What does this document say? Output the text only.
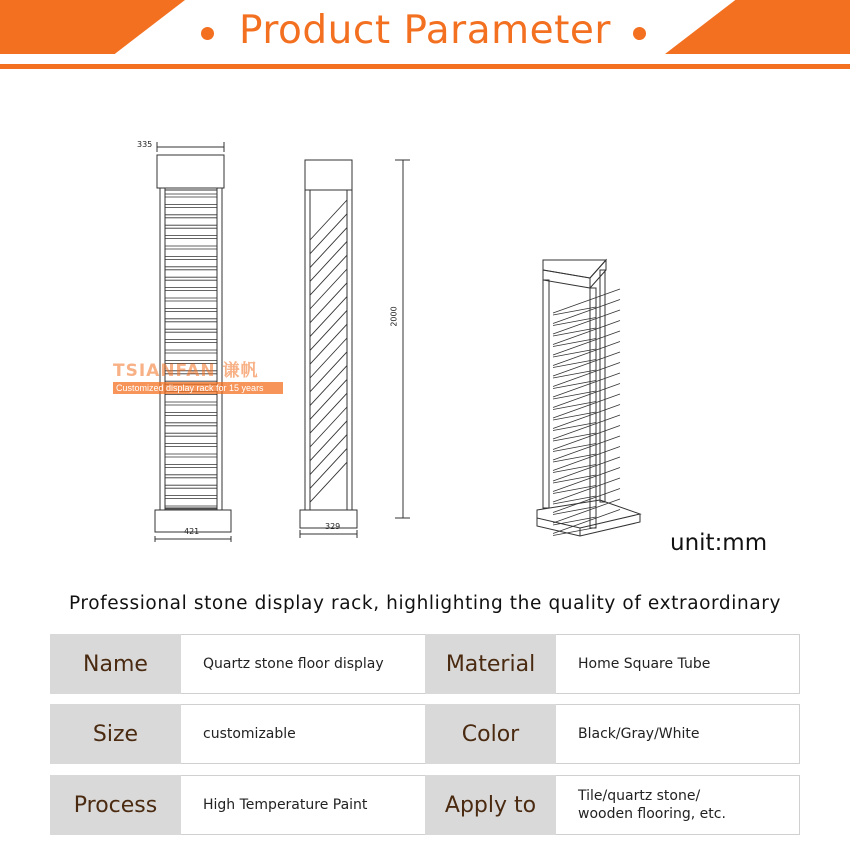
Product Parameter
335
421
329
2000
TSIANFAN 谦帆
Customized display rack for 15 years
unit:mm
Professional stone display rack, highlighting the quality of extraordinary
Name	Quartz stone floor display	Material	Home Square Tube
Size	customizable	Color	Black/Gray/White
Process	High Temperature Paint	Apply to	Tile/quartz stone/
wooden flooring, etc.
